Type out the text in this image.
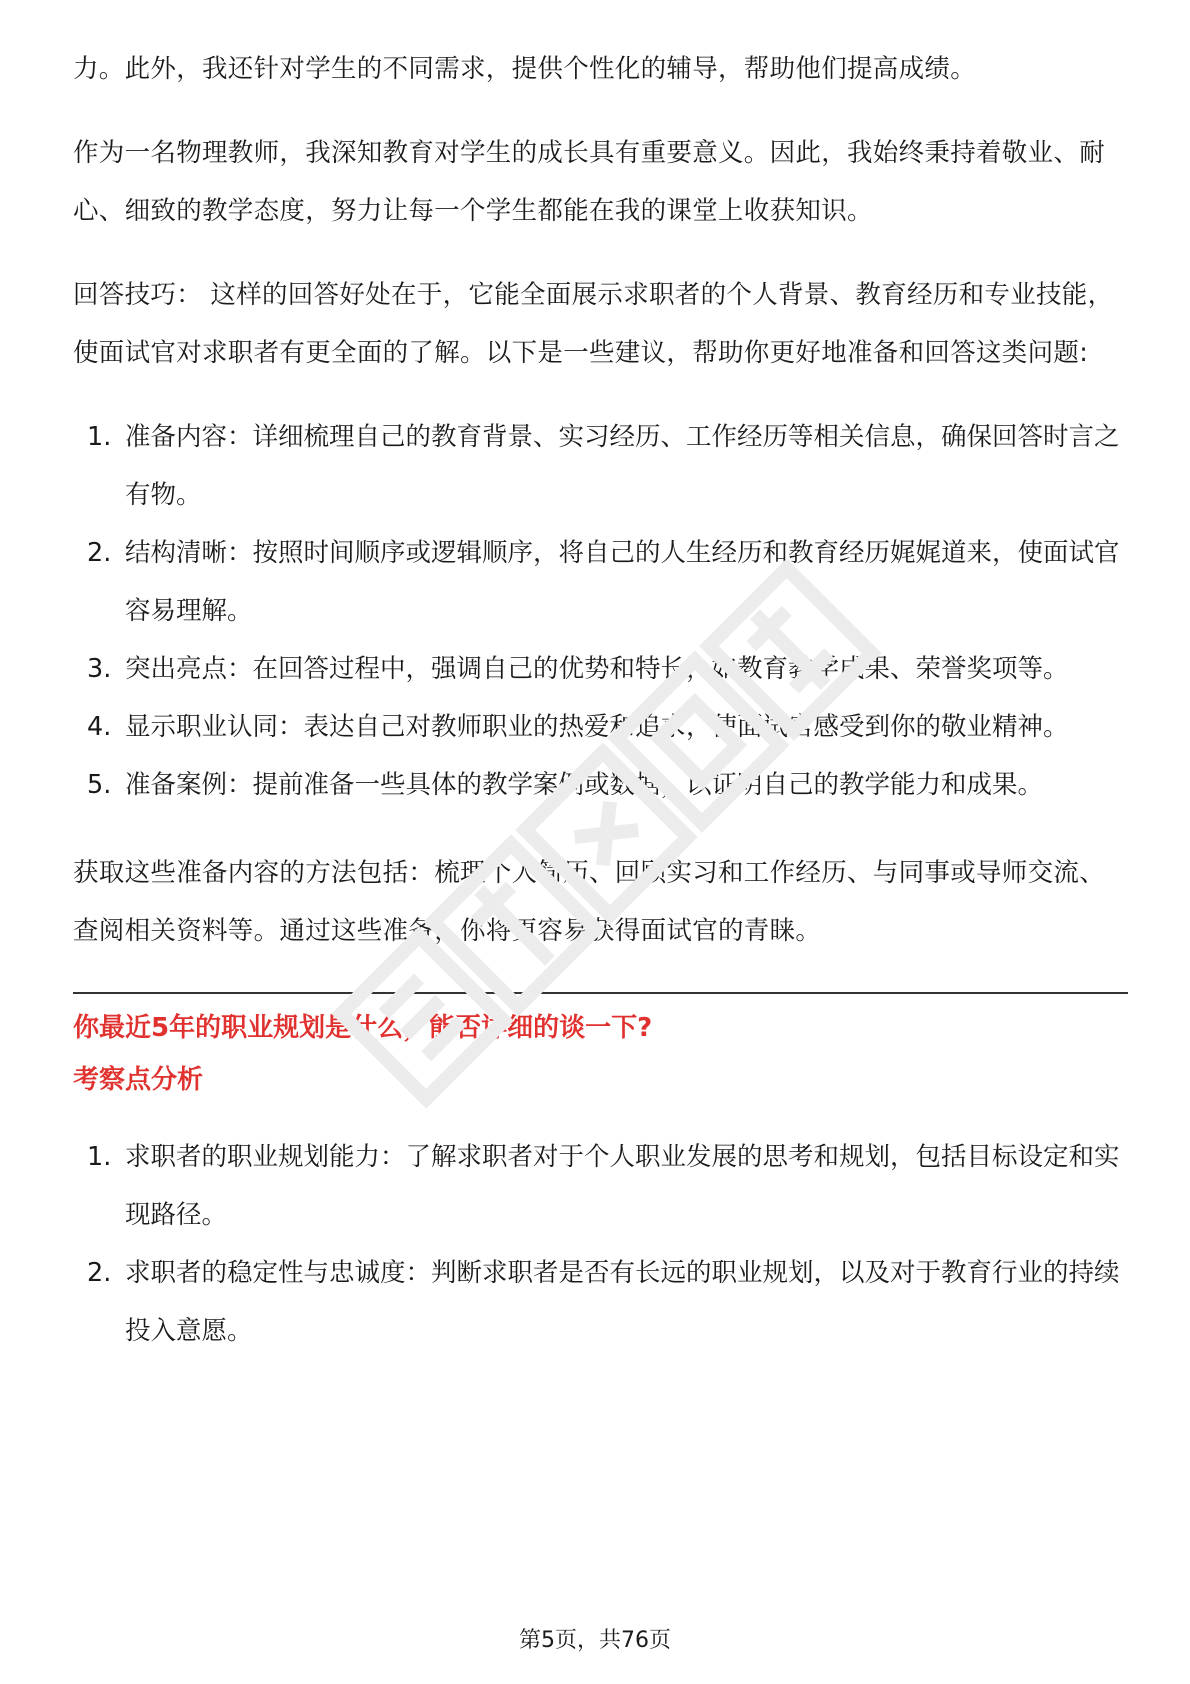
力。此外，我还针对学生的不同需求，提供个性化的辅导，帮助他们提高成绩。

作为一名物理教师，我深知教育对学生的成长具有重要意义。因此，我始终秉持着敬业、耐心、细致的教学态度，努力让每一个学生都能在我的课堂上收获知识。

回答技巧： 这样的回答好处在于，它能全面展示求职者的个人背景、教育经历和专业技能，使面试官对求职者有更全面的了解。以下是一些建议，帮助你更好地准备和回答这类问题:

1. 准备内容：详细梳理自己的教育背景、实习经历、工作经历等相关信息，确保回答时言之有物。
2. 结构清晰：按照时间顺序或逻辑顺序，将自己的人生经历和教育经历娓娓道来，使面试官容易理解。
3. 突出亮点：在回答过程中，强调自己的优势和特长，如教育教学成果、荣誉奖项等。
4. 显示职业认同：表达自己对教师职业的热爱和追求，使面试官感受到你的敬业精神。
5. 准备案例：提前准备一些具体的教学案例或数据，以证明自己的教学能力和成果。

获取这些准备内容的方法包括：梳理个人简历、回顾实习和工作经历、与同事或导师交流、查阅相关资料等。通过这些准备，你将更容易获得面试官的青睐。

你最近5年的职业规划是什么，能否详细的谈一下?
考察点分析
1. 求职者的职业规划能力：了解求职者对于个人职业发展的思考和规划，包括目标设定和实现路径。
2. 求职者的稳定性与忠诚度：判断求职者是否有长远的职业规划，以及对于教育行业的持续投入意愿。
第5页，共76页
